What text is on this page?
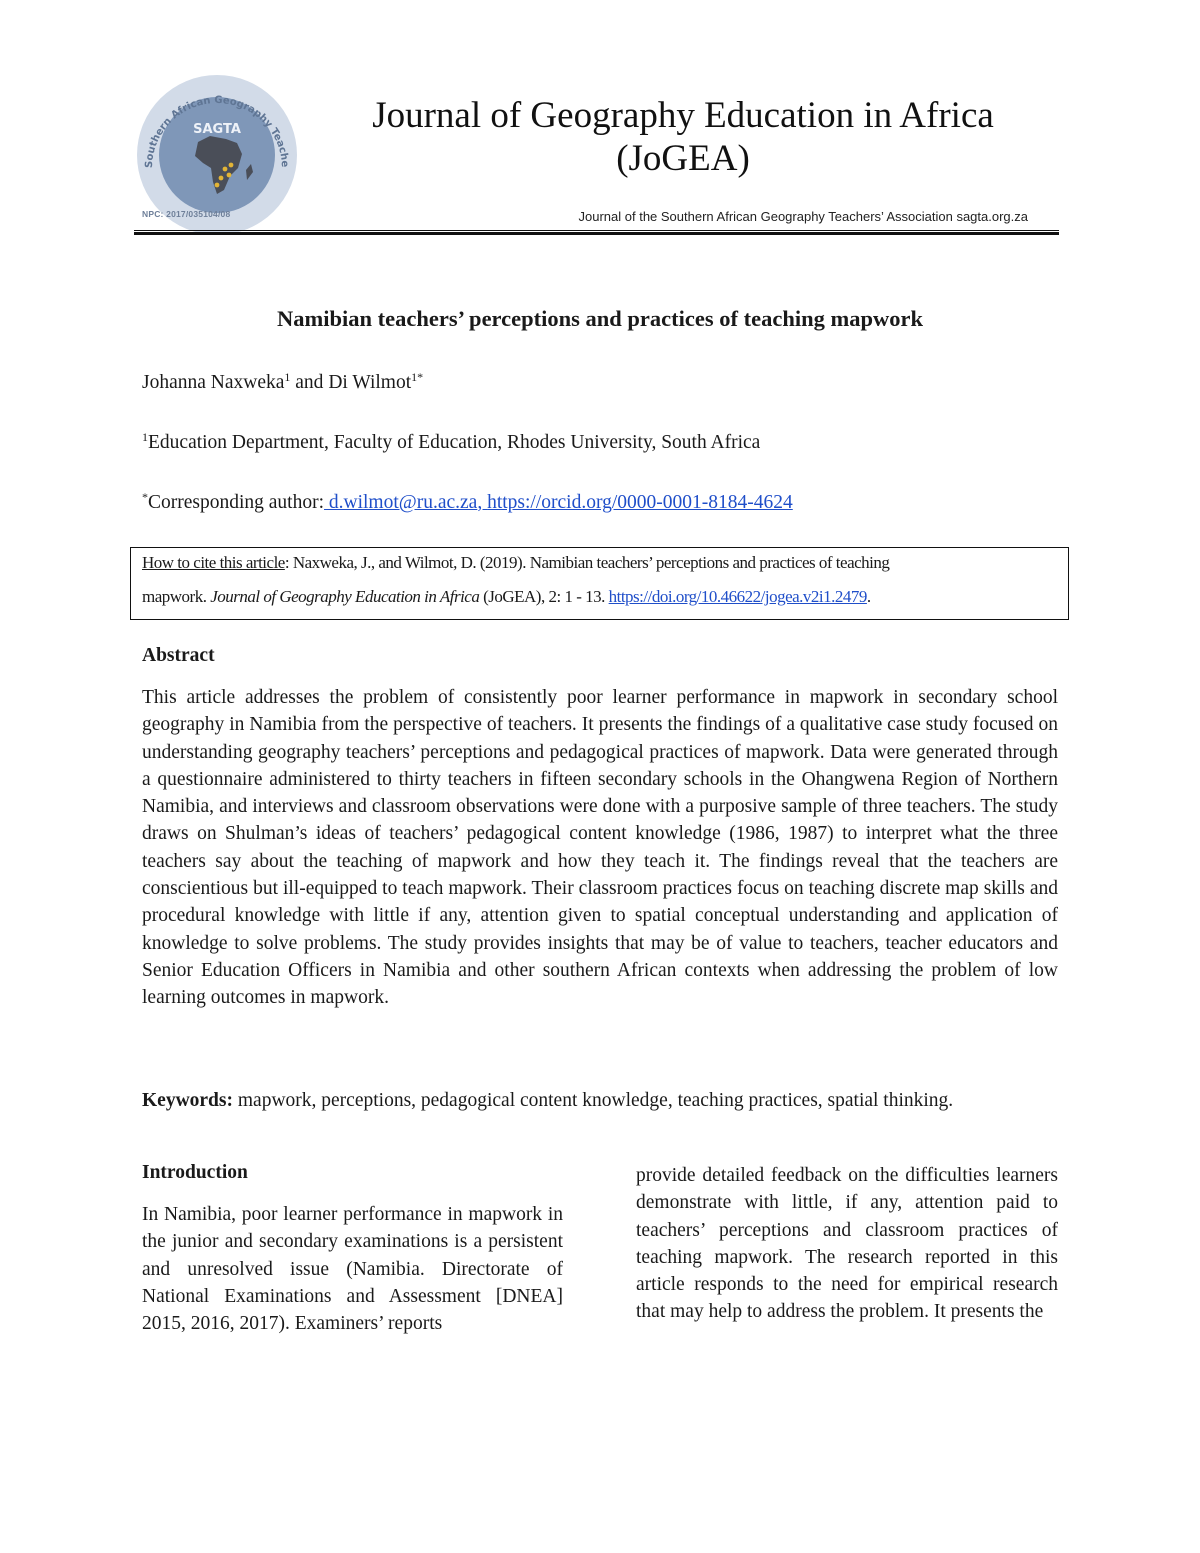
Southern African Geography Teache
SAGTA
NPC: 2017/035104/08
Journal of Geography Education in Africa
(JoGEA)
Journal of the Southern African Geography Teachers’ Association sagta.org.za
Namibian teachers’ perceptions and practices of teaching mapwork
Johanna Naxweka$^1$ and Di Wilmot$^{1*}$
$^1$Education Department, Faculty of Education, Rhodes University, South Africa
*Corresponding author: d.wilmot@ru.ac.za, https://orcid.org/0000-0001-8184-4624
How to cite this article: Naxweka, J., and Wilmot, D. (2019). Namibian teachers’ perceptions and practices of teaching
mapwork. Journal of Geography Education in Africa (JoGEA), 2: 1 - 13. https://doi.org/10.46622/jogea.v2i1.2479.
Abstract
This article addresses the problem of consistently poor learner performance in mapwork in secondary school geography in Namibia from the perspective of teachers. It presents the findings of a qualitative case study focused on understanding geography teachers’ perceptions and pedagogical practices of mapwork. Data were generated through a questionnaire administered to thirty teachers in fifteen secondary schools in the Ohangwena Region of Northern Namibia, and interviews and classroom observations were done with a purposive sample of three teachers. The study draws on Shulman’s ideas of teachers’ pedagogical content knowledge (1986, 1987) to interpret what the three teachers say about the teaching of mapwork and how they teach it. The findings reveal that the teachers are conscientious but ill-equipped to teach mapwork. Their classroom practices focus on teaching discrete map skills and procedural knowledge with little if any, attention given to spatial conceptual understanding and application of knowledge to solve problems. The study provides insights that may be of value to teachers, teacher educators and Senior Education Officers in Namibia and other southern African contexts when addressing the problem of low learning outcomes in mapwork.
Keywords: mapwork, perceptions, pedagogical content knowledge, teaching practices, spatial thinking.
Introduction
In Namibia, poor learner performance in mapwork in the junior and secondary examinations is a persistent and unresolved issue (Namibia. Directorate of National Examinations and Assessment [DNEA] 2015, 2016, 2017). Examiners’ reports
provide detailed feedback on the difficulties learners demonstrate with little, if any, attention paid to teachers’ perceptions and classroom practices of teaching mapwork. The research reported in this article responds to the need for empirical research that may help to address the problem. It presents the
